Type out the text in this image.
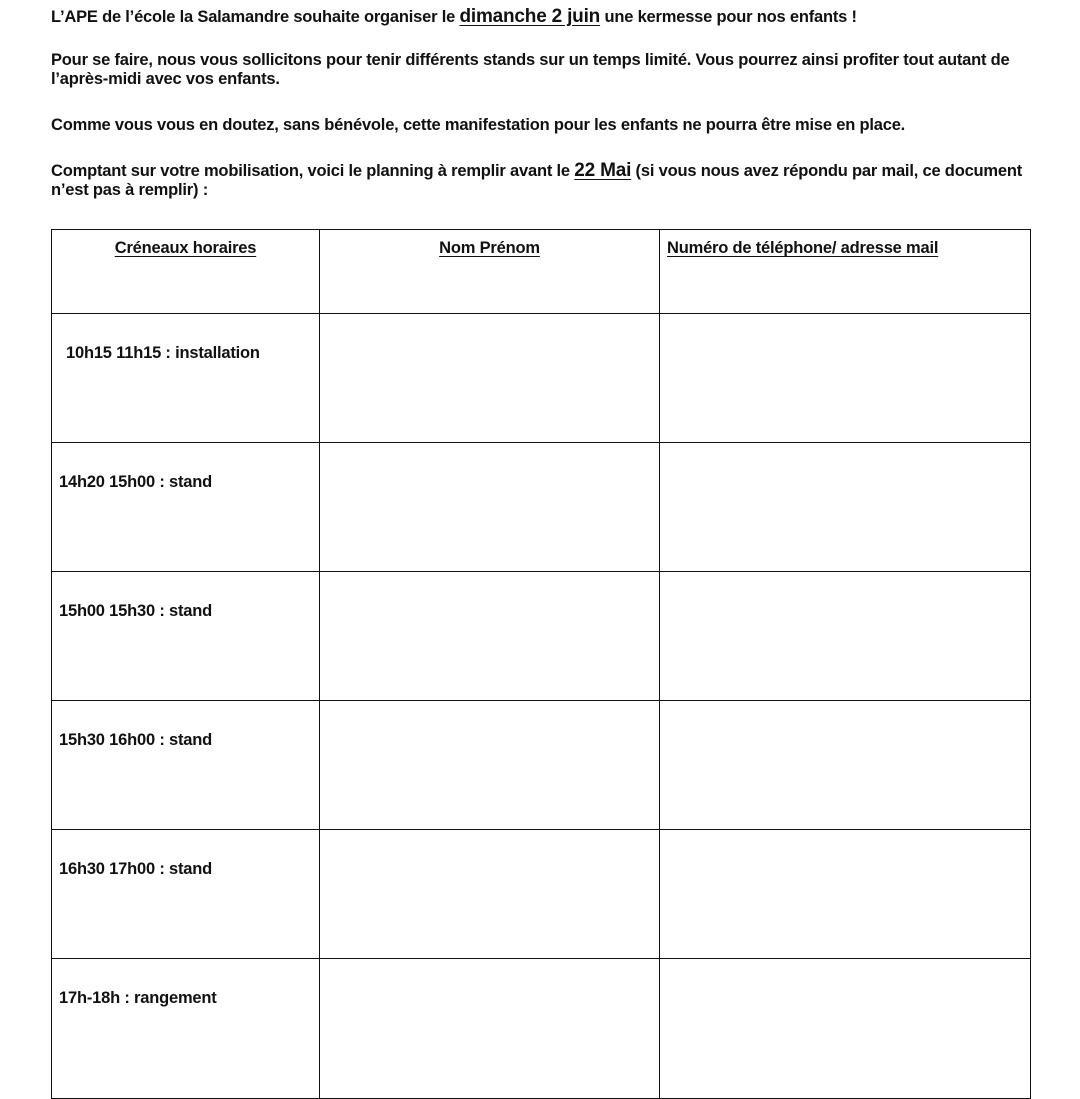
L’APE de l’école la Salamandre souhaite organiser le dimanche 2 juin une kermesse pour nos enfants !

Pour se faire, nous vous sollicitons pour tenir différents stands sur un temps limité. Vous pourrez ainsi profiter tout autant de l’après-midi avec vos enfants.

Comme vous vous en doutez, sans bénévole, cette manifestation pour les enfants ne pourra être mise en place.

Comptant sur votre mobilisation, voici le planning à remplir avant le 22 Mai (si vous nous avez répondu par mail, ce document n’est pas à remplir) :

Créneaux horaires	Nom Prénom	Numéro de téléphone/ adresse mail

10h15 11h15 : installation		

14h20 15h00 : stand		

15h00 15h30 : stand		

15h30 16h00 : stand		

16h30 17h00 : stand		

17h-18h : rangement		
